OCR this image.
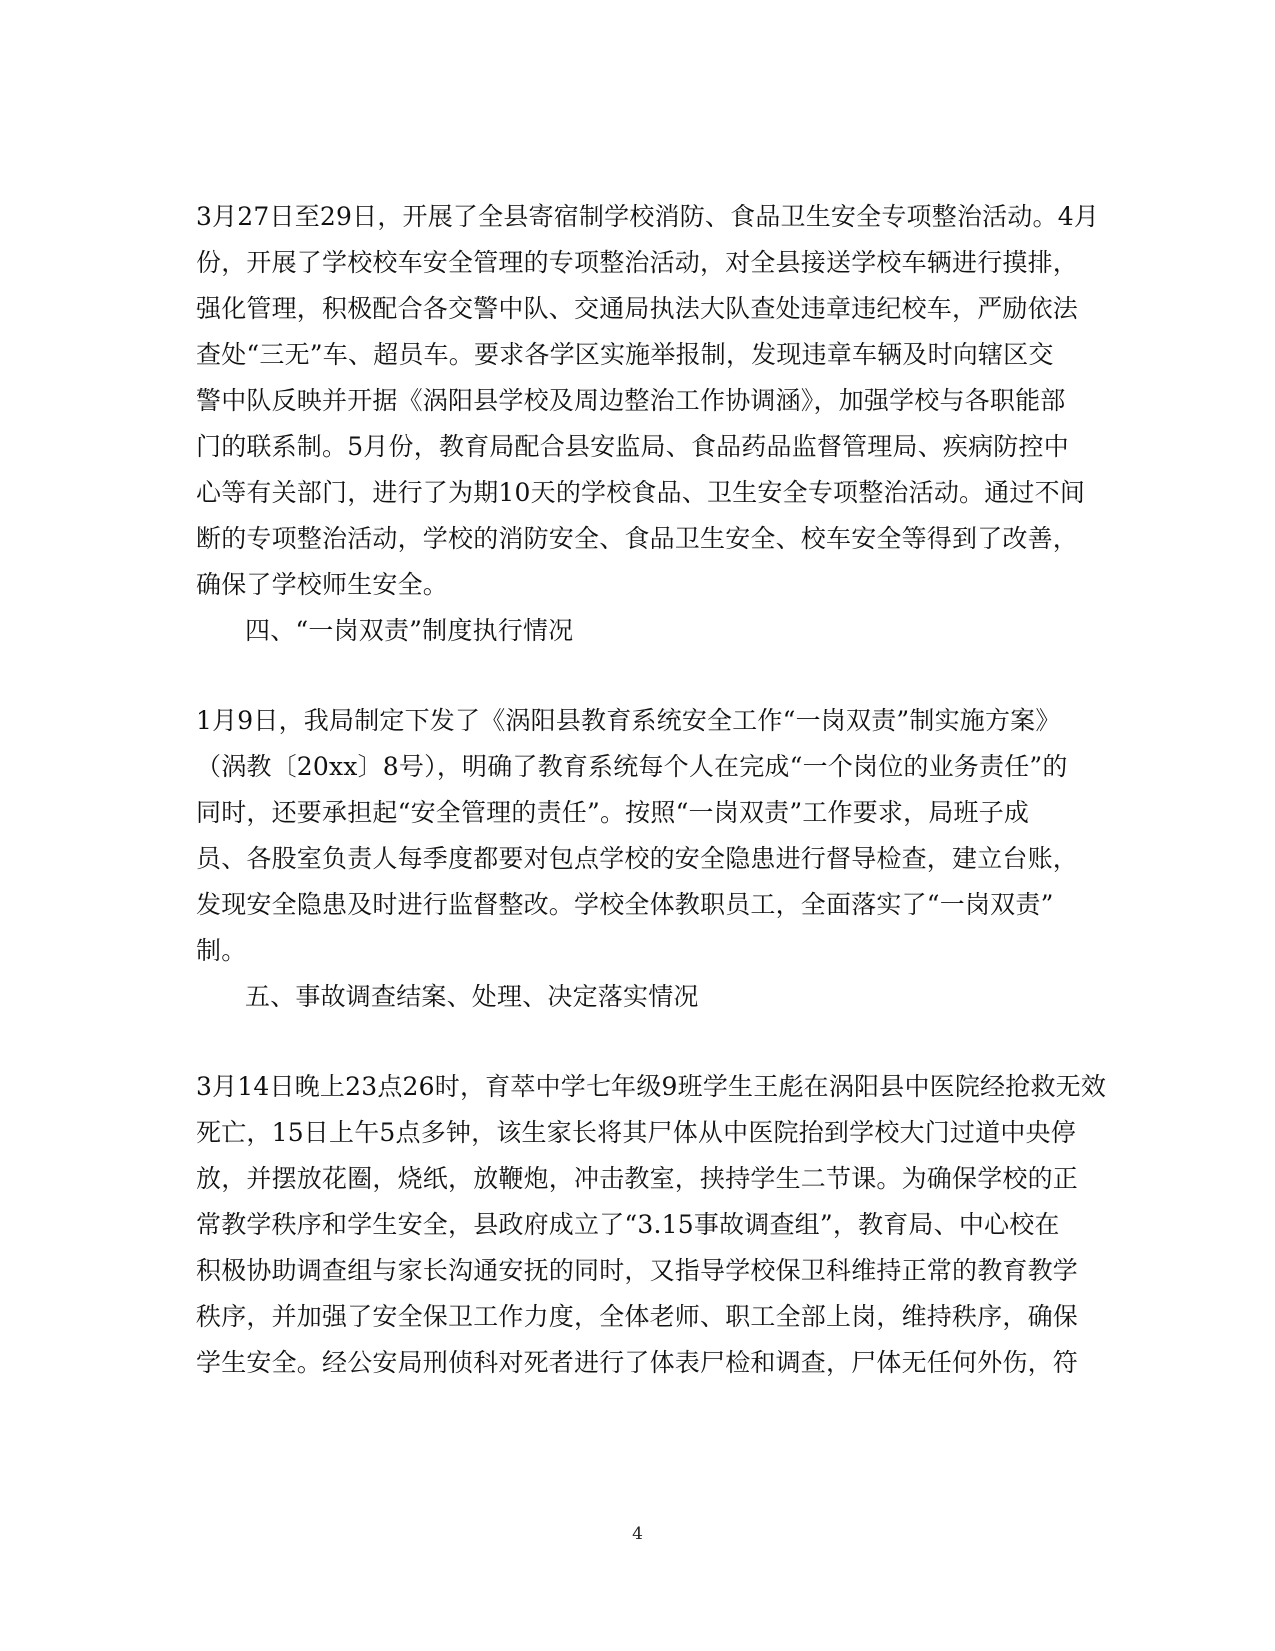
3月27日至29日，开展了全县寄宿制学校消防、食品卫生安全专项整治活动。4月
份，开展了学校校车安全管理的专项整治活动，对全县接送学校车辆进行摸排，
强化管理，积极配合各交警中队、交通局执法大队查处违章违纪校车，严励依法
查处“三无”车、超员车。要求各学区实施举报制，发现违章车辆及时向辖区交
警中队反映并开据《涡阳县学校及周边整治工作协调涵》，加强学校与各职能部
门的联系制。5月份，教育局配合县安监局、食品药品监督管理局、疾病防控中
心等有关部门，进行了为期10天的学校食品、卫生安全专项整治活动。通过不间
断的专项整治活动，学校的消防安全、食品卫生安全、校车安全等得到了改善，
确保了学校师生安全。
四、“一岗双责”制度执行情况
1月9日，我局制定下发了《涡阳县教育系统安全工作“一岗双责”制实施方案》
（涡教〔20xx〕8号），明确了教育系统每个人在完成“一个岗位的业务责任”的
同时，还要承担起“安全管理的责任”。按照“一岗双责”工作要求，局班子成
员、各股室负责人每季度都要对包点学校的安全隐患进行督导检查，建立台账，
发现安全隐患及时进行监督整改。学校全体教职员工，全面落实了“一岗双责”
制。
五、事故调查结案、处理、决定落实情况
3月14日晚上23点26时，育萃中学七年级9班学生王彪在涡阳县中医院经抢救无效
死亡，15日上午5点多钟，该生家长将其尸体从中医院抬到学校大门过道中央停
放，并摆放花圈，烧纸，放鞭炮，冲击教室，挟持学生二节课。为确保学校的正
常教学秩序和学生安全，县政府成立了“3.15事故调查组”，教育局、中心校在
积极协助调查组与家长沟通安抚的同时，又指导学校保卫科维持正常的教育教学
秩序，并加强了安全保卫工作力度，全体老师、职工全部上岗，维持秩序，确保
学生安全。经公安局刑侦科对死者进行了体表尸检和调查，尸体无任何外伤，符
4
